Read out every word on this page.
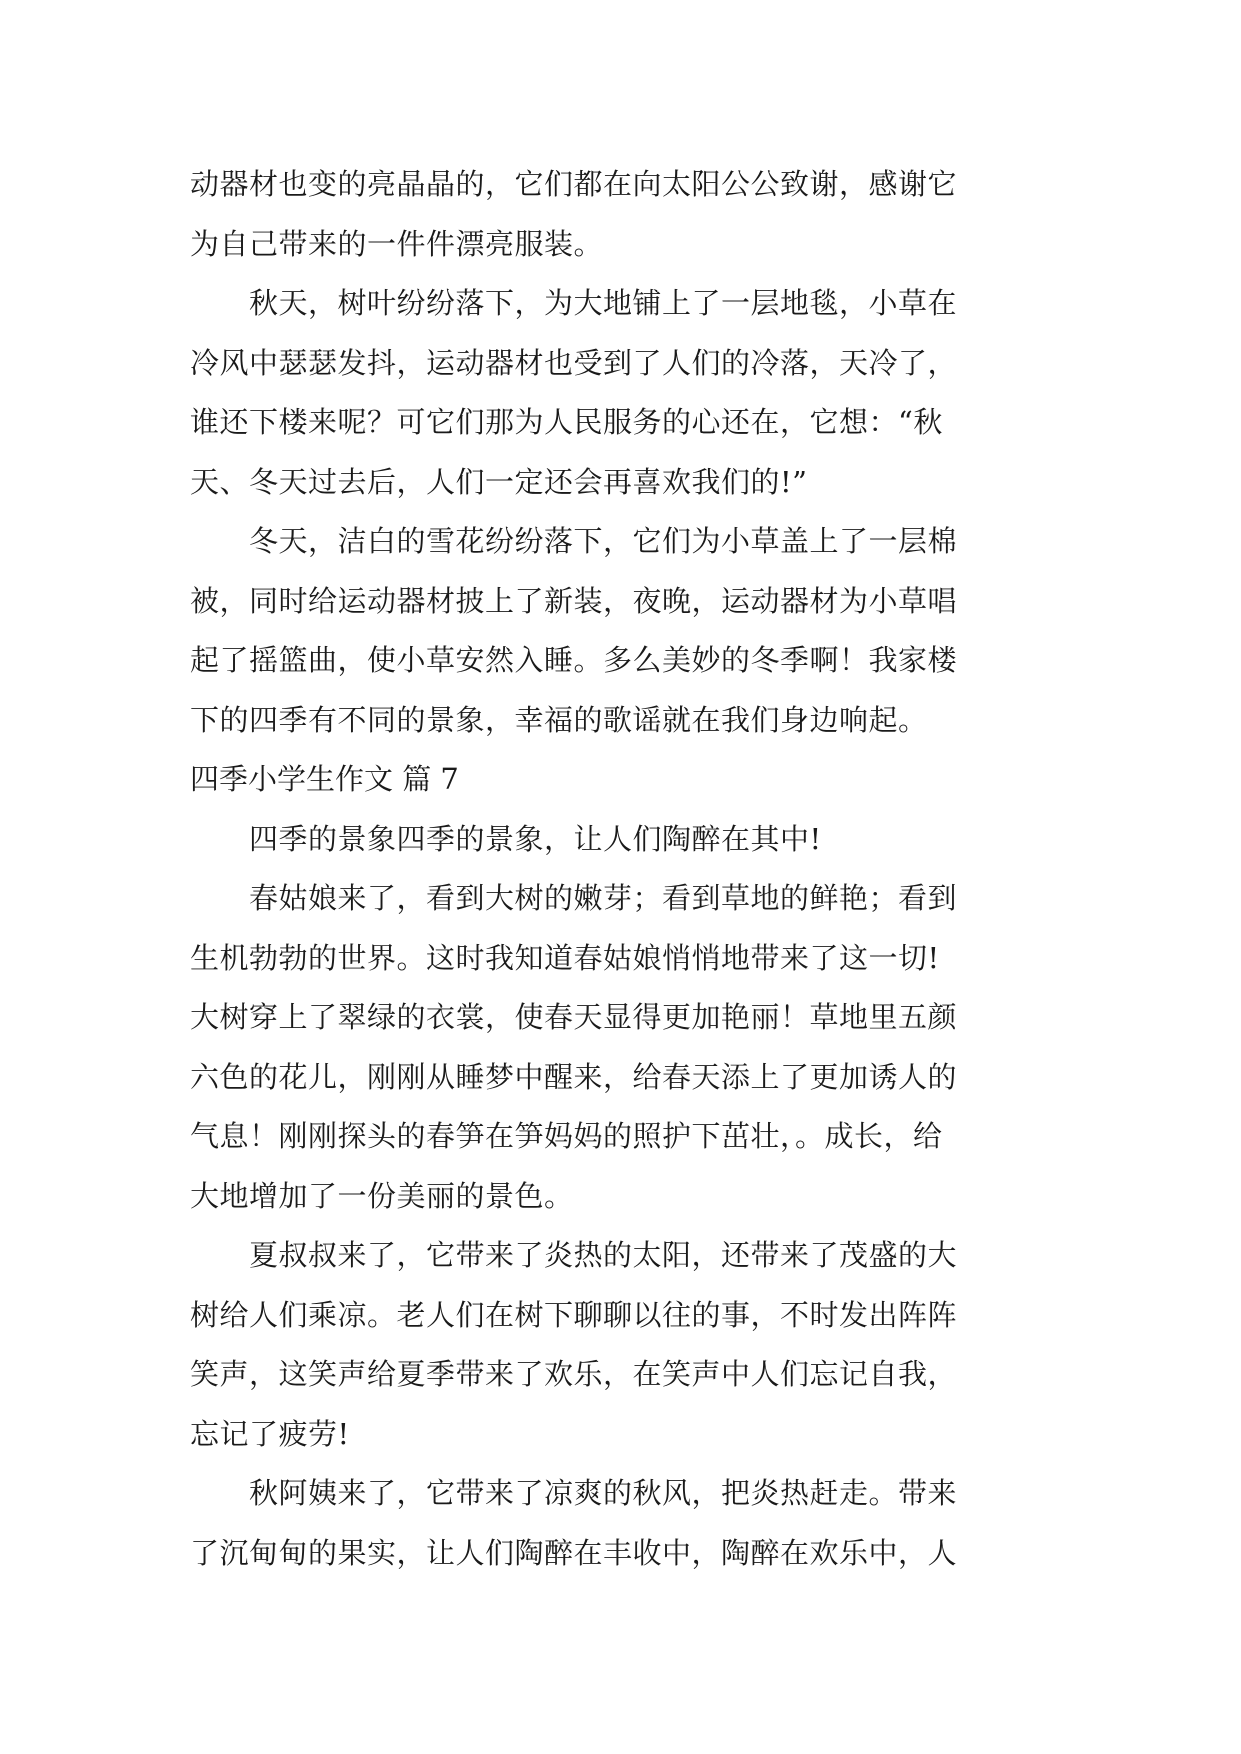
动器材也变的亮晶晶的，它们都在向太阳公公致谢，感谢它
为自己带来的一件件漂亮服装。
　　秋天，树叶纷纷落下，为大地铺上了一层地毯，小草在
冷风中瑟瑟发抖，运动器材也受到了人们的冷落，天冷了，
谁还下楼来呢？可它们那为人民服务的心还在，它想：“秋
天、冬天过去后，人们一定还会再喜欢我们的!”
　　冬天，洁白的雪花纷纷落下，它们为小草盖上了一层棉
被，同时给运动器材披上了新装，夜晚，运动器材为小草唱
起了摇篮曲，使小草安然入睡。多么美妙的冬季啊！我家楼
下的四季有不同的景象，幸福的歌谣就在我们身边响起。
四季小学生作文 篇 7
　　四季的景象四季的景象，让人们陶醉在其中!
　　春姑娘来了，看到大树的嫩芽；看到草地的鲜艳；看到
生机勃勃的世界。这时我知道春姑娘悄悄地带来了这一切!
大树穿上了翠绿的衣裳，使春天显得更加艳丽！草地里五颜
六色的花儿，刚刚从睡梦中醒来，给春天添上了更加诱人的
气息！刚刚探头的春笋在笋妈妈的照护下茁壮，。成长，给
大地增加了一份美丽的景色。
　　夏叔叔来了，它带来了炎热的太阳，还带来了茂盛的大
树给人们乘凉。老人们在树下聊聊以往的事，不时发出阵阵
笑声，这笑声给夏季带来了欢乐，在笑声中人们忘记自我，
忘记了疲劳!
　　秋阿姨来了，它带来了凉爽的秋风，把炎热赶走。带来
了沉甸甸的果实，让人们陶醉在丰收中，陶醉在欢乐中，人
